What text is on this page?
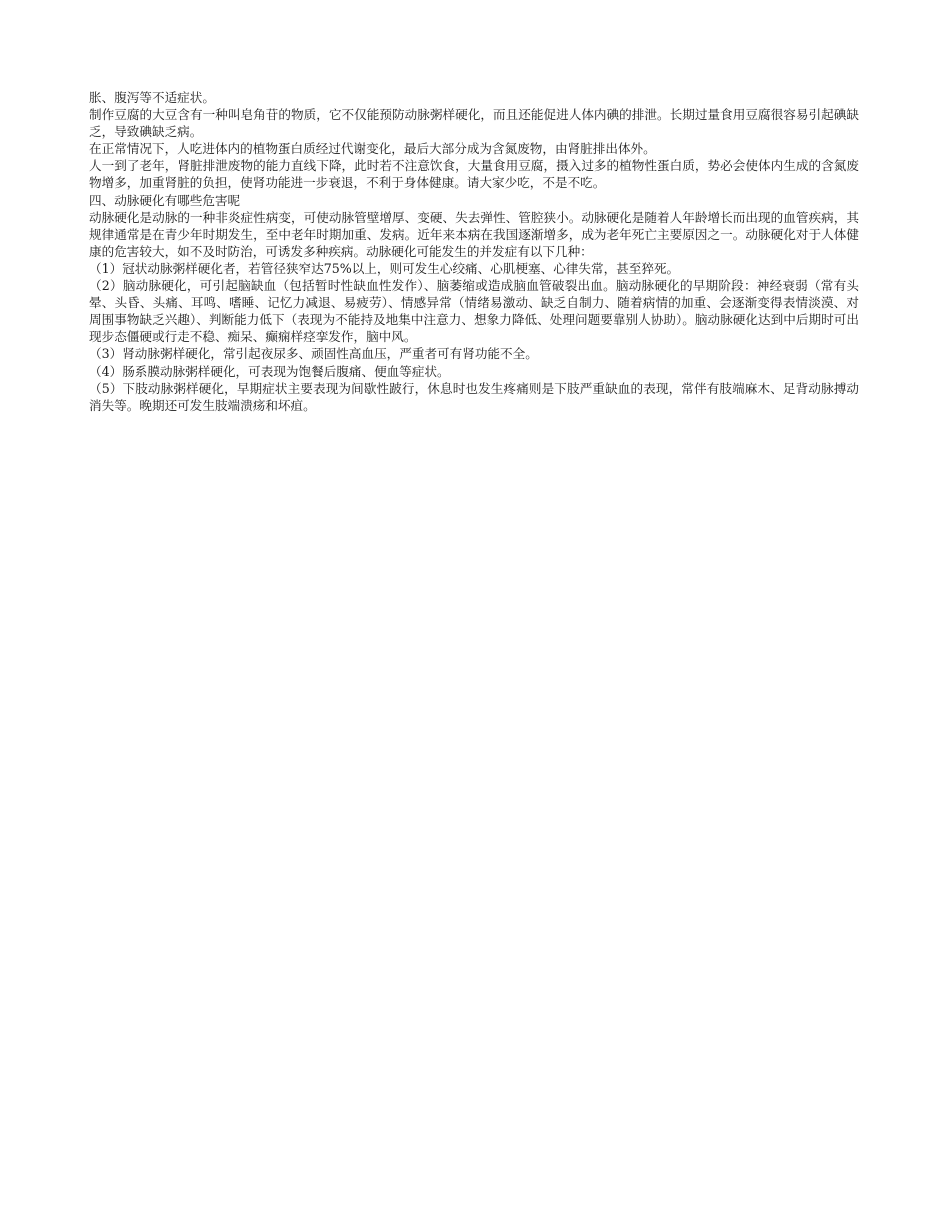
胀、腹泻等不适症状。

制作豆腐的大豆含有一种叫皂角苷的物质，它不仅能预防动脉粥样硬化，而且还能促进人体内碘的排泄。长期过量食用豆腐很容易引起碘缺乏，导致碘缺乏病。

在正常情况下，人吃进体内的植物蛋白质经过代谢变化，最后大部分成为含氮废物，由肾脏排出体外。

人一到了老年，肾脏排泄废物的能力直线下降，此时若不注意饮食，大量食用豆腐，摄入过多的植物性蛋白质，势必会使体内生成的含氮废物增多，加重肾脏的负担，使肾功能进一步衰退，不利于身体健康。请大家少吃，不是不吃。

四、动脉硬化有哪些危害呢

动脉硬化是动脉的一种非炎症性病变，可使动脉管壁增厚、变硬、失去弹性、管腔狭小。动脉硬化是随着人年龄增长而出现的血管疾病，其规律通常是在青少年时期发生，至中老年时期加重、发病。近年来本病在我国逐渐增多，成为老年死亡主要原因之一。动脉硬化对于人体健康的危害较大，如不及时防治，可诱发多种疾病。动脉硬化可能发生的并发症有以下几种：

（1）冠状动脉粥样硬化者，若管径狭窄达75%以上，则可发生心绞痛、心肌梗塞、心律失常，甚至猝死。

（2）脑动脉硬化，可引起脑缺血（包括暂时性缺血性发作）、脑萎缩或造成脑血管破裂出血。脑动脉硬化的早期阶段：神经衰弱（常有头晕、头昏、头痛、耳鸣、嗜睡、记忆力减退、易疲劳）、情感异常（情绪易激动、缺乏自制力、随着病情的加重、会逐渐变得表情淡漠、对周围事物缺乏兴趣）、判断能力低下（表现为不能持及地集中注意力、想象力降低、处理问题要靠别人协助）。脑动脉硬化达到中后期时可出现步态僵硬或行走不稳、痴呆、癫痫样痉挛发作，脑中风。

（3）肾动脉粥样硬化，常引起夜尿多、顽固性高血压，严重者可有肾功能不全。

（4）肠系膜动脉粥样硬化，可表现为饱餐后腹痛、便血等症状。

（5）下肢动脉粥样硬化，早期症状主要表现为间歇性跛行，休息时也发生疼痛则是下肢严重缺血的表现，常伴有肢端麻木、足背动脉搏动消失等。晚期还可发生肢端溃疡和坏疽。
